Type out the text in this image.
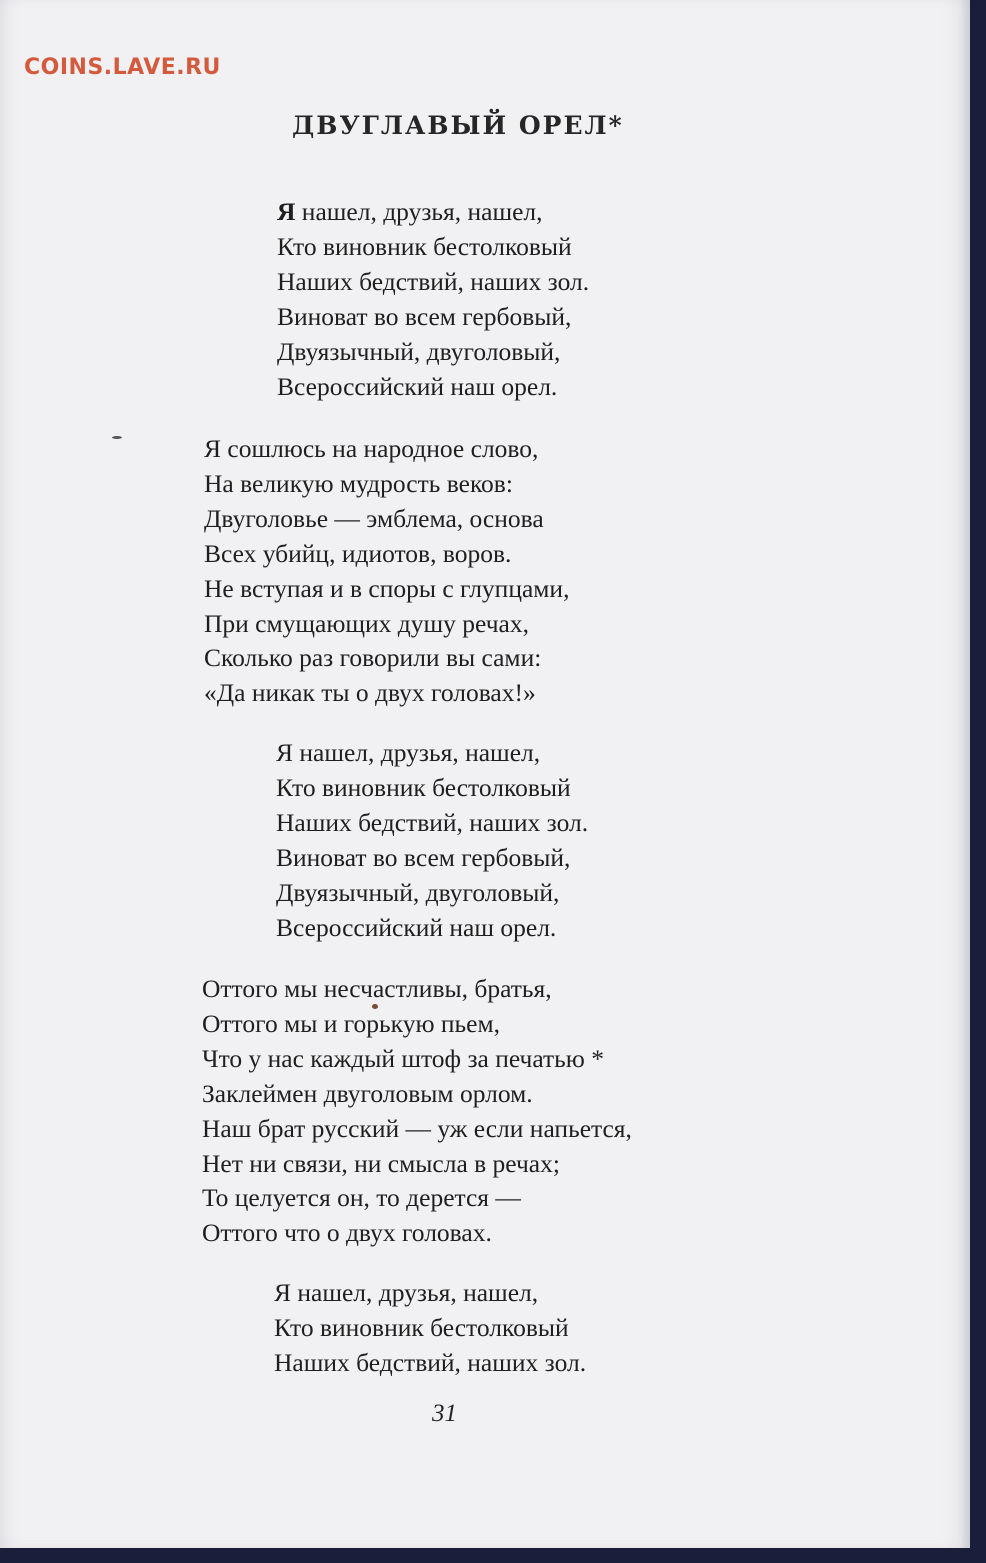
COINS.LAVE.RU
ДВУГЛАВЫЙ ОРЕЛ*
Я нашел, друзья, нашел,
Кто виновник бестолковый
Наших бедствий, наших зол.
Виноват во всем гербовый,
Двуязычный, двуголовый,
Всероссийский наш орел.
Я сошлюсь на народное слово,
На великую мудрость веков:
Двуголовье — эмблема, основа
Всех убийц, идиотов, воров.
Не вступая и в споры с глупцами,
При смущающих душу речах,
Сколько раз говорили вы сами:
«Да никак ты о двух головах!»
Я нашел, друзья, нашел,
Кто виновник бестолковый
Наших бедствий, наших зол.
Виноват во всем гербовый,
Двуязычный, двуголовый,
Всероссийский наш орел.
Оттого мы несчастливы, братья,
Оттого мы и горькую пьем,
Что у нас каждый штоф за печатью *
Заклеймен двуголовым орлом.
Наш брат русский — уж если напьется,
Нет ни связи, ни смысла в речах;
То целуется он, то дерется —
Оттого что о двух головах.
Я нашел, друзья, нашел,
Кто виновник бестолковый
Наших бедствий, наших зол.
31
